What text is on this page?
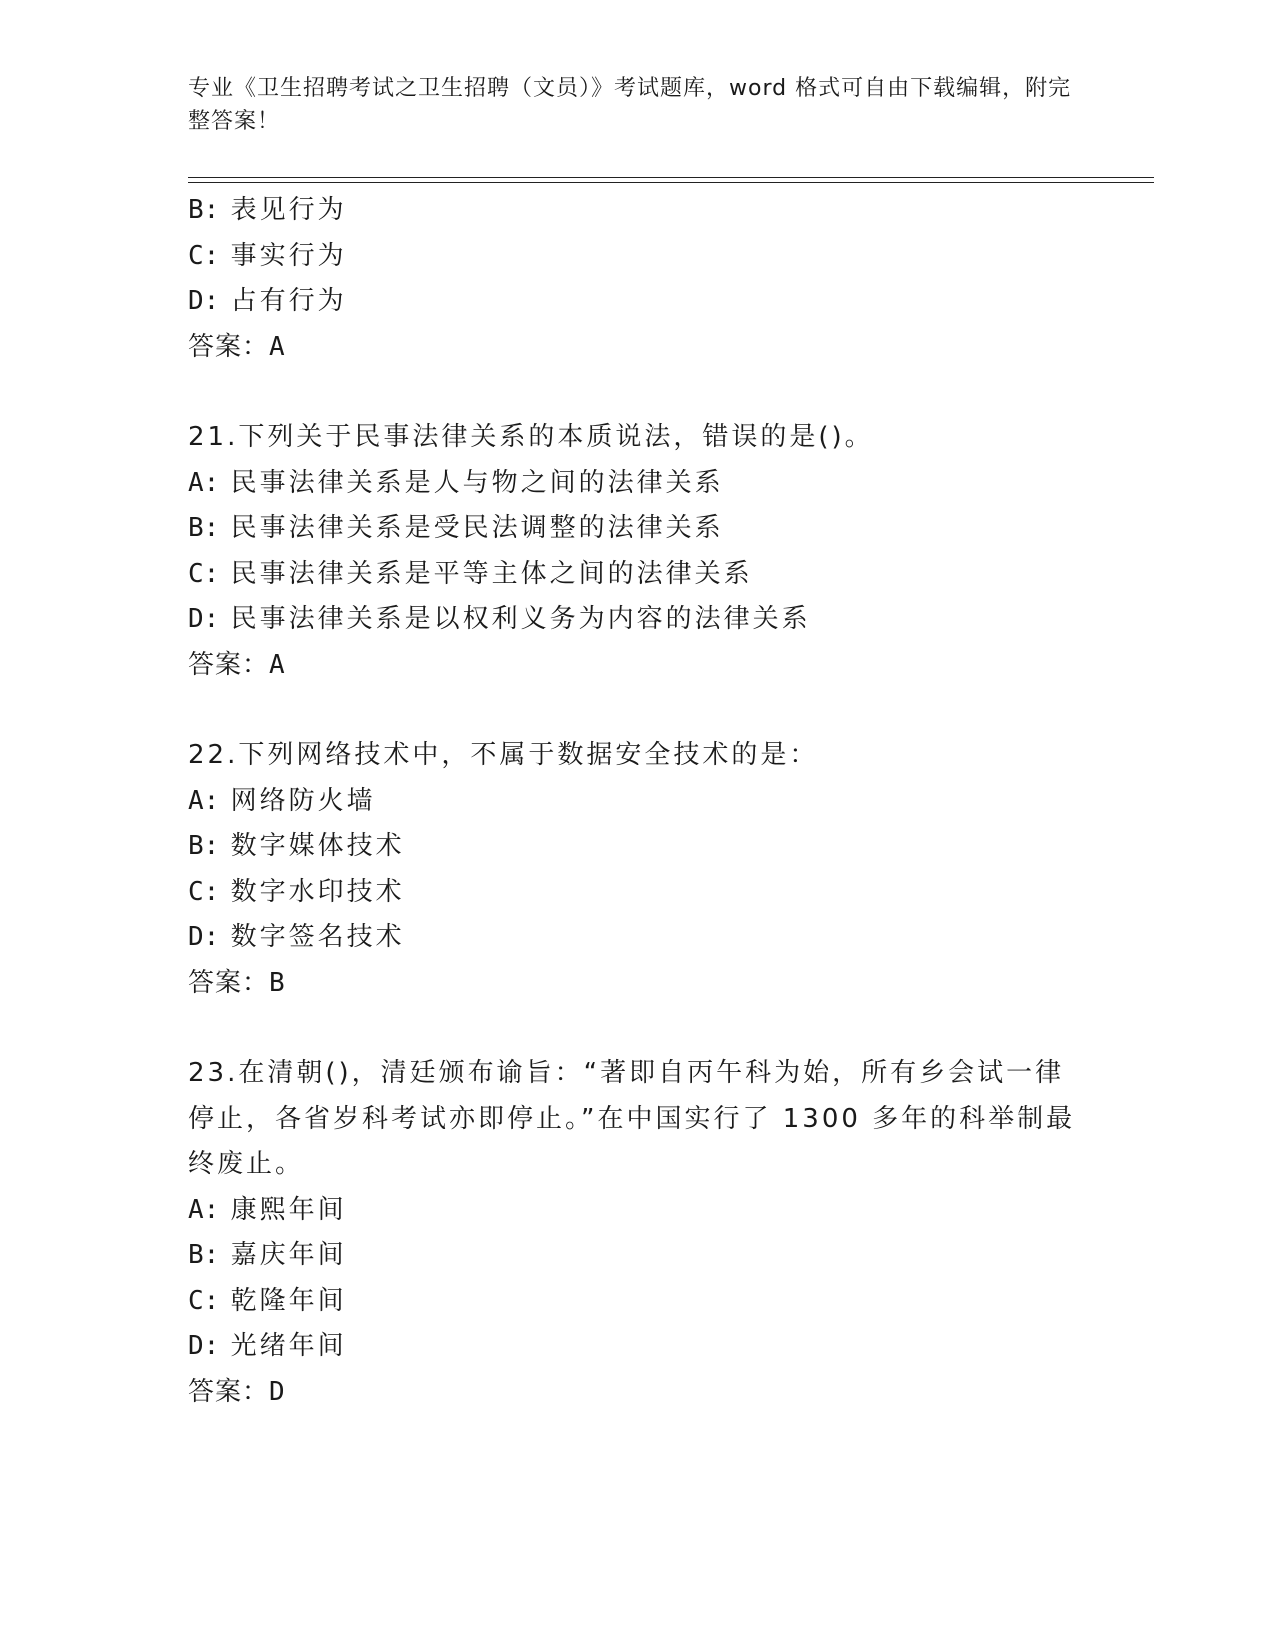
专业《卫生招聘考试之卫生招聘（文员）》考试题库，word 格式可自由下载编辑，附完整答案！
B: 表见行为
C: 事实行为
D: 占有行为
答案：A
21.下列关于民事法律关系的本质说法，错误的是()。
A: 民事法律关系是人与物之间的法律关系
B: 民事法律关系是受民法调整的法律关系
C: 民事法律关系是平等主体之间的法律关系
D: 民事法律关系是以权利义务为内容的法律关系
答案：A
22.下列网络技术中，不属于数据安全技术的是：
A: 网络防火墙
B: 数字媒体技术
C: 数字水印技术
D: 数字签名技术
答案：B
23.在清朝()，清廷颁布谕旨：“著即自丙午科为始，所有乡会试一律停止，各省岁科考试亦即停止。”在中国实行了 1300 多年的科举制最终废止。
A: 康熙年间
B: 嘉庆年间
C: 乾隆年间
D: 光绪年间
答案：D
